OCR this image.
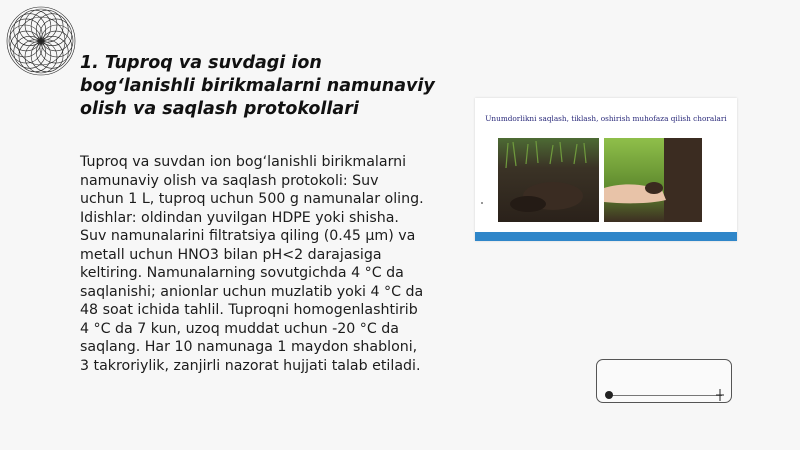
1. Tuproq va suvdagi ion bog‘lanishli birikmalarni namunaviy olish va saqlash protokollari

Tuproq va suvdan ion bog‘lanishli birikmalarni namunaviy olish va saqlash protokoli: Suv uchun 1 L, tuproq uchun 500 g namunalar oling. Idishlar: oldindan yuvilgan HDPE yoki shisha. Suv namunalarini filtratsiya qiling (0.45 µm) va metall uchun HNO3 bilan pH<2 darajasiga keltiring. Namunalarning sovutgichda 4 °C da saqlanishi; anionlar uchun muzlatib yoki 4 °C da 48 soat ichida tahlil. Tuproqni homogenlashtirib 4 °C da 7 kun, uzoq muddat uchun -20 °C da saqlang. Har 10 namunaga 1 maydon shabloni, 3 takroriylik, zanjirli nazorat hujjati talab etiladi.

Unumdorlikni saqlash, tiklash, oshirish muhofaza qilish choralari
